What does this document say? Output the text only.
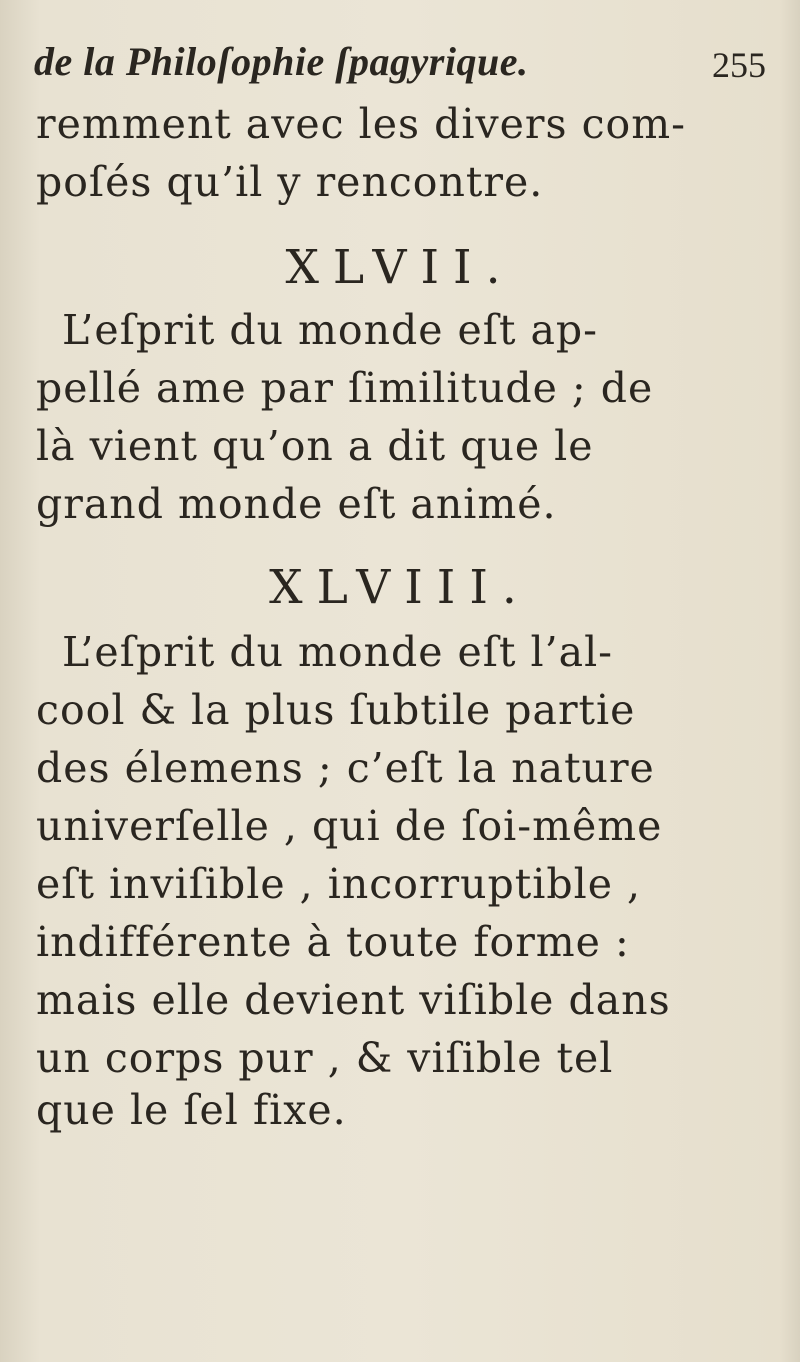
de la Philoſophie ſpagyrique.	255
remment avec les divers com-
poſés qu’il y rencontre.
XLVII.
L’eſprit du monde eſt ap-
pellé ame par ſimilitude ; de
là vient qu’on a dit que le
grand monde eſt animé.
XLVIII.
L’eſprit du monde eſt l’al-
cool & la plus ſubtile partie
des élemens ; c’eſt la nature
univerſelle , qui de ſoi-même
eſt inviſible , incorruptible ,
indifférente à toute forme :
mais elle devient viſible dans
un corps pur , & viſible tel
que le ſel fixe.
